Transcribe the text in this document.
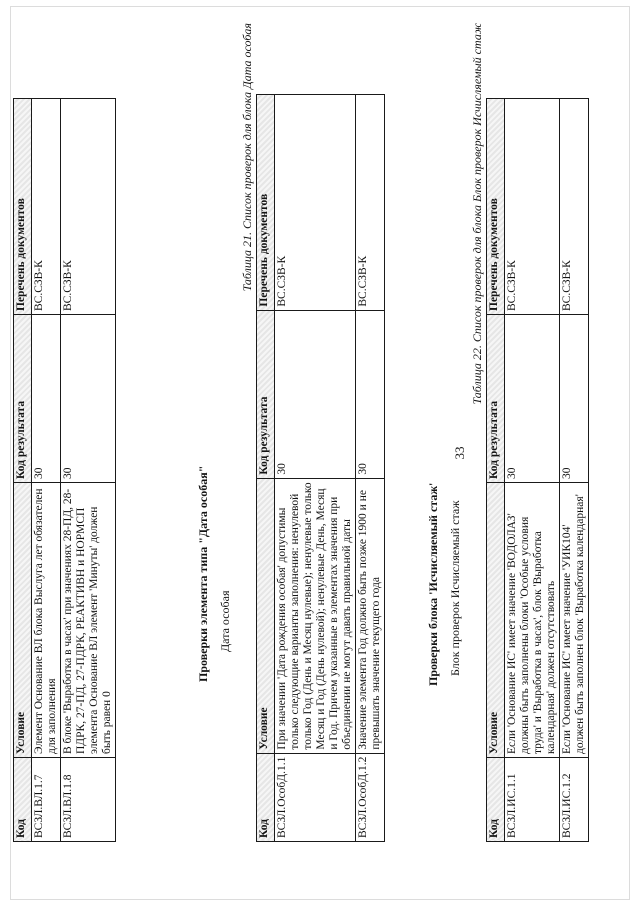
33
Код	Условие	Код результата	Перечень документов
ВСЗЛ.ВЛ.1.7	Элемент Основание ВЛ блока Выслуга лет обязателен для заполнения	30	ВС.СЗВ-К
ВСЗЛ.ВЛ.1.8	В блоке 'Выработка в часах' при значениях 28-ПД, 28-ПДРК, 27-ПД, 27-ПДРК, РЕАКТИВН и НОРМСП элемента Основание ВЛ элемент 'Минуты' должен быть равен 0	30	ВС.СЗВ-К
Проверки элемента типа "Дата особая" Дата особая
Таблица 21. Список проверок для блока Дата особая
Код	Условие	Код результата	Перечень документов
ВСЗЛ.ОсобД.1.1	При значении 'Дата рождения особая' допустимы только следующие варианты заполнения: ненулевой только Год (День и Месяц нулевые); ненулевые только Месяц и Год (День нулевой); ненулевые День, Месяц и Год. Причем указанные в элементах значения при объединении не могут давать правильной даты	30	ВС.СЗВ-К
ВСЗЛ.ОсобД.1.2	Значение элемента Год должно быть позже 1900 и не превышать значение текущего года	30	ВС.СЗВ-К
Проверки блока 'Исчисляемый стаж' Блок проверок Исчисляемый стаж
Таблица 22. Список проверок для блока Блок проверок Исчисляемый стаж
Код	Условие	Код результата	Перечень документов
ВСЗЛ.ИС.1.1	Если 'Основание ИС' имеет значение 'ВОДОЛАЗ' должны быть заполнены блоки 'Особые условия труда' и 'Выработка в часах', блок 'Выработка календарная' должен отсутствовать	30	ВС.СЗВ-К
ВСЗЛ.ИС.1.2	Если 'Основание ИС' имеет значение 'УИК104' должен быть заполнен блок 'Выработка календарная'	30	ВС.СЗВ-К
